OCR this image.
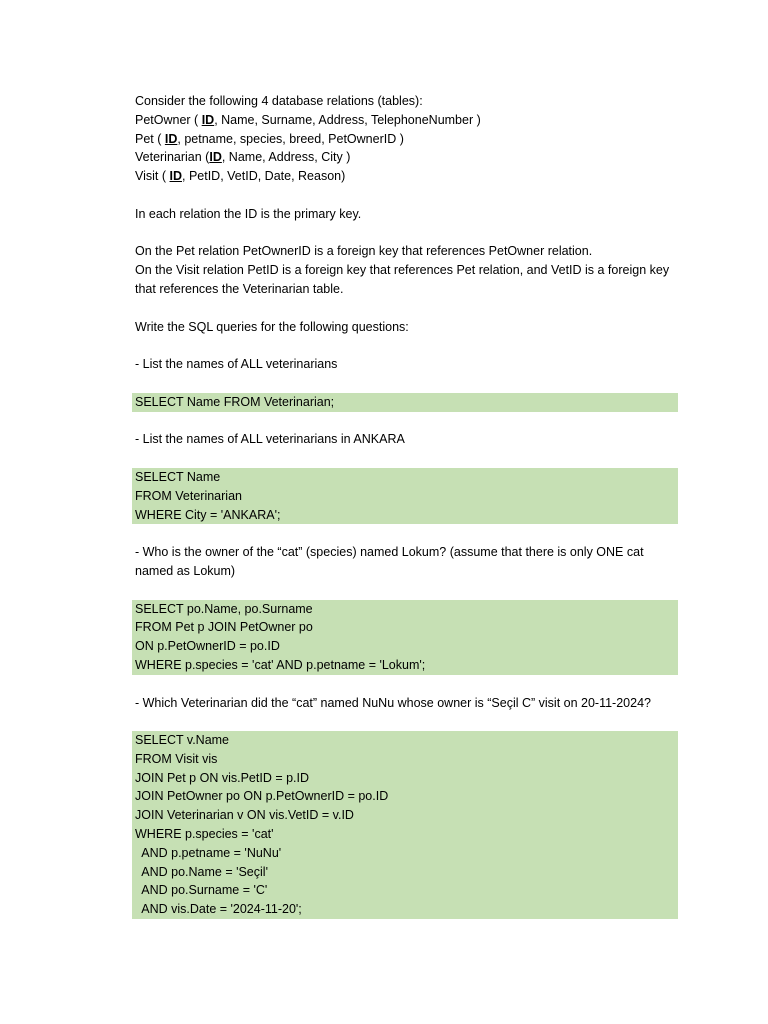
Consider the following 4 database relations (tables):
PetOwner ( ID, Name, Surname, Address, TelephoneNumber )
Pet ( ID, petname, species, breed, PetOwnerID )
Veterinarian (ID, Name, Address, City )
Visit ( ID, PetID, VetID, Date, Reason)
In each relation the ID is the primary key.
On the Pet relation PetOwnerID is a foreign key that references PetOwner relation.
On the Visit relation PetID is a foreign key that references Pet relation, and VetID is a foreign key
that references the Veterinarian table.
Write the SQL queries for the following questions:
- List the names of ALL veterinarians
SELECT Name FROM Veterinarian;
- List the names of ALL veterinarians in ANKARA
SELECT Name
FROM Veterinarian
WHERE City = 'ANKARA';
- Who is the owner of the “cat” (species) named Lokum? (assume that there is only ONE cat
named as Lokum)
SELECT po.Name, po.Surname
FROM Pet p JOIN PetOwner po
ON p.PetOwnerID = po.ID
WHERE p.species = 'cat' AND p.petname = 'Lokum';
- Which Veterinarian did the “cat” named NuNu whose owner is “Seçil C” visit on 20-11-2024?
SELECT v.Name
FROM Visit vis
JOIN Pet p ON vis.PetID = p.ID
JOIN PetOwner po ON p.PetOwnerID = po.ID
JOIN Veterinarian v ON vis.VetID = v.ID
WHERE p.species = 'cat'
AND p.petname = 'NuNu'
AND po.Name = 'Seçil'
AND po.Surname = 'C'
AND vis.Date = '2024-11-20';
